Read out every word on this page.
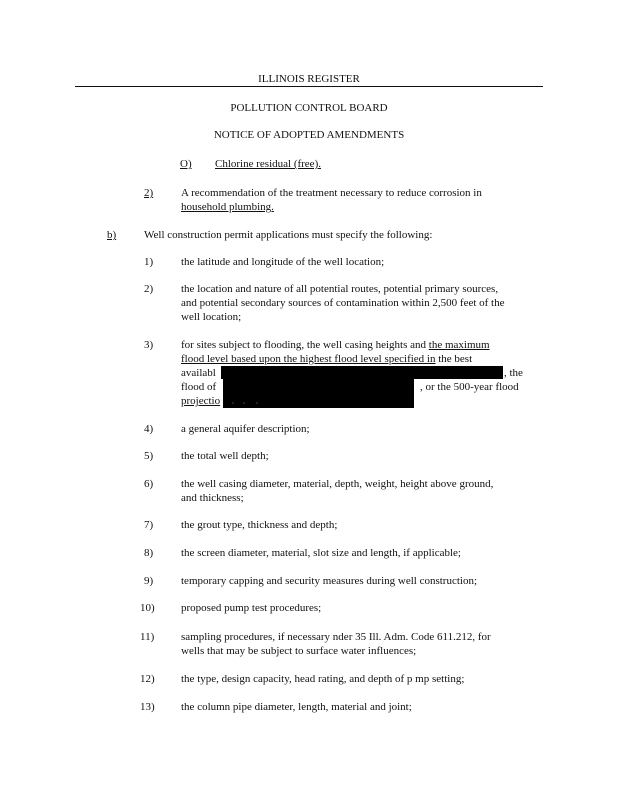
ILLINOIS REGISTER
POLLUTION CONTROL BOARD
NOTICE OF ADOPTED AMENDMENTS
O) Chlorine residual (free).
2)	A recommendation of the treatment necessary to reduce corrosion in
household plumbing.
b)	Well construction permit applications must specify the following:
1)	the latitude and longitude of the well location;
2)	the location and nature of all potential routes, potential primary sources,
and potential secondary sources of contamination within 2,500 feet of the
well location;
3)	for sites subject to flooding, the well casing heights and the maximum
flood level based upon the highest flood level specified in the best
availabl
flood of
projectio
, the
, or the 500-year flood
4)	a general aquifer description;
5)	the total well depth;
6)	the well casing diameter, material, depth, weight, height above ground,
and thickness;
7)	the grout type, thickness and depth;
8)	the screen diameter, material, slot size and length, if applicable;
9)	temporary capping and security measures during well construction;
10) proposed pump test procedures;
11) sampling procedures, if necessary nder 35 Ill. Adm. Code 611.212, for
wells that may be subject to surface water influences;
12) the type, design capacity, head rating, and depth of p mp setting;
13) the column pipe diameter, length, material and joint;
